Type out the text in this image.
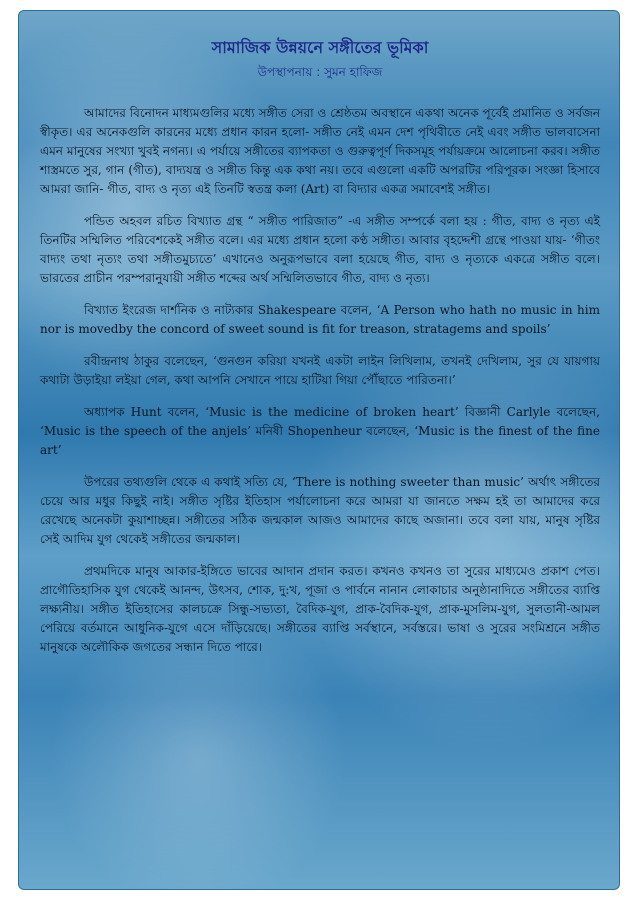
সামাজিক উন্নয়নে সঙ্গীতের ভূমিকা
উপস্থাপনায় : সুমন হাফিজ

আমাদের বিনোদন মাধ্যমগুলির মধ্যে সঙ্গীত সেরা ও শ্রেষ্ঠতম অবস্থানে একথা অনেক পূর্বেই প্রমানিত ও সর্বজন স্বীকৃত। এর অনেকগুলি কারনের মধ্যে প্রধান কারন হলো- সঙ্গীত নেই এমন দেশ পৃথিবীতে নেই এবং সঙ্গীত ভালবাসেনা এমন মানুষের সংখ্যা খুবই নগন্য। এ পর্যায়ে সঙ্গীতের ব্যাপকতা ও গুরুত্বপূর্ণ দিকসমূহ পর্যায়ক্রমে আলোচনা করব। সঙ্গীত শাস্ত্রমতে সুর, গান (গীত), বাদ্যযন্ত্র ও সঙ্গীত কিন্তু এক কথা নয়। তবে এগুলো একটি অপরটির পরিপূরক। সংজ্ঞা হিসাবে আমরা জানি- গীত, বাদ্য ও নৃত্য এই তিনটি স্বতন্ত্র কলা (Art) বা বিদ্যার একত্র সমাবেশই সঙ্গীত।

পন্ডিত অহবল রচিত বিখ্যাত গ্রন্থ “ সঙ্গীত পারিজাত” -এ সঙ্গীত সম্পর্কে বলা হয় : গীত, বাদ্য ও নৃত্য এই তিনটির সম্মিলিত পরিবেশকেই সঙ্গীত বলে। এর মধ্যে প্রধান হলো কণ্ঠ সঙ্গীত। আবার বৃহদ্দেশী গ্রন্থে পাওয়া যায়- ‘গীতং বাদ্যং তথা নৃত্যং তথা সঙ্গীতমুচ্যতে’ এখানেও অনুরূপভাবে বলা হয়েছে গীত, বাদ্য ও নৃত্যকে একত্রে সঙ্গীত বলে। ভারতের প্রাচীন পরম্পরানুযায়ী সঙ্গীত শব্দের অর্থ সম্মিলিতভাবে গীত, বাদ্য ও নৃত্য।

বিখ্যাত ইংরেজ দার্শনিক ও নাট্যকার Shakespeare বলেন, ‘A Person who hath no music in him nor is movedby the concord of sweet sound is fit for treason, stratagems and spoils’

রবীন্দ্রনাথ ঠাকুর বলেছেন, ‘গুনগুন করিয়া যখনই একটা লাইন লিখিলাম, তখনই দেখিলাম, সুর যে যায়গায় কথাটা উড়াইয়া লইয়া গেল, কথা আপনি সেখানে পায়ে হাটিয়া গিয়া পৌঁছাতে পারিতনা।’

অধ্যাপক Hunt বলেন, ‘Music is the medicine of broken heart’ বিজ্ঞানী Carlyle বলেছেন, ‘Music is the speech of the anjels’ মনিষী Shopenheur বলেছেন, ‘Music is the finest of the fine art’

উপরের তথ্যগুলি থেকে এ কথাই সত্যি যে, ‘There is nothing sweeter than music’ অর্থাৎ সঙ্গীতের চেয়ে আর মধুর কিছুই নাই। সঙ্গীত সৃষ্টির ইতিহাস পর্যালোচনা করে আমরা যা জানতে সক্ষম হই তা আমাদের করে রেখেছে অনেকটা কুয়াশাচ্ছন্ন। সঙ্গীতের সঠিক জন্মকাল আজও আমাদের কাছে অজানা। তবে বলা যায়, মানুষ সৃষ্টির সেই আদিম যুগ থেকেই সঙ্গীতের জন্মকাল।

প্রথমদিকে মানুষ আকার-ইঙ্গিতে ভাবের আদান প্রদান করত। কখনও কখনও তা সুরের মাধ্যমেও প্রকাশ পেত। প্রাগৌতিহাসিক যুগ থেকেই আনন্দ, উৎসব, শোক, দু:খ, পূজা ও পার্বনে নানান লোকাচার অনুষ্ঠানাদিতে সঙ্গীতের ব্যাপ্তি লক্ষ্যনীয়। সঙ্গীত ইতিহাসের কালচক্রে সিন্ধু-সভ্যতা, বৈদিক-যুগ, প্রাক-বৈদিক-যুগ, প্রাক-মুসলিম-যুগ, সুলতানী-আমল পেরিয়ে বর্তমানে আধুনিক-যুগে এসে দাঁড়িয়েছে। সঙ্গীতের ব্যাপ্তি সর্বস্থানে, সর্বস্তরে। ভাষা ও সুরের সংমিশ্রনে সঙ্গীত মানুষকে অলৌকিক জগতের সন্ধান দিতে পারে।
